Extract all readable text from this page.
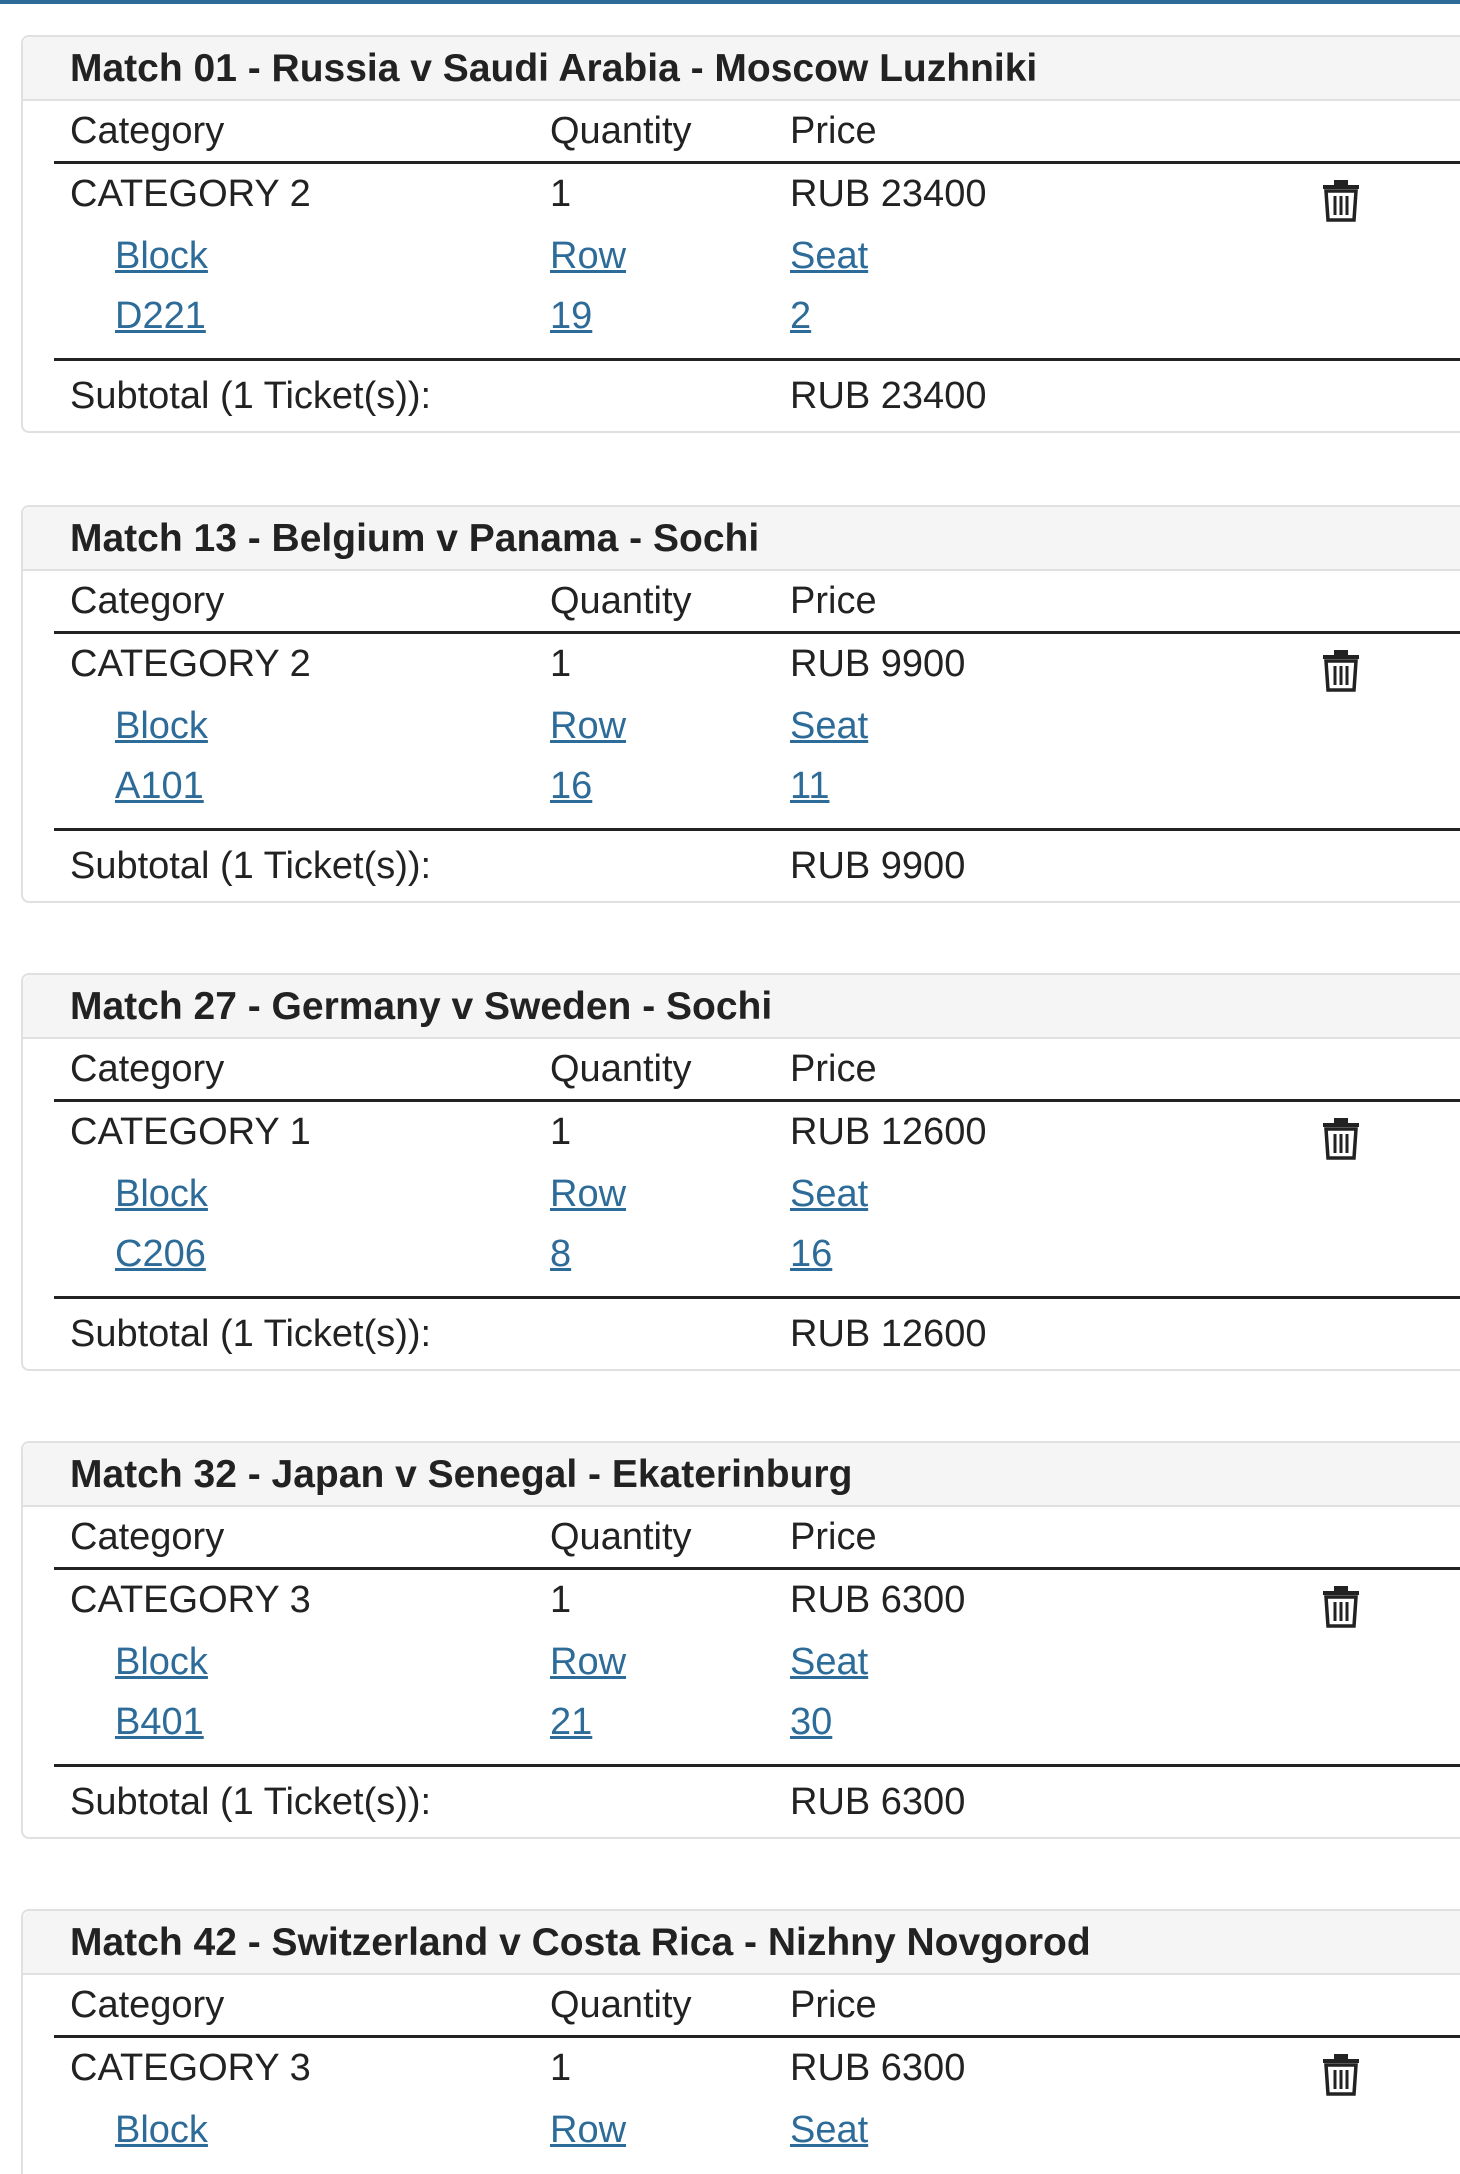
Match 01 - Russia v Saudi Arabia - Moscow Luzhniki
Category	Quantity	Price
CATEGORY 2	1	RUB 23400
Block	Row	Seat
D221	19	2
Subtotal (1 Ticket(s)):	RUB 23400
Match 13 - Belgium v Panama - Sochi
Category	Quantity	Price
CATEGORY 2	1	RUB 9900
Block	Row	Seat
A101	16	11
Subtotal (1 Ticket(s)):	RUB 9900
Match 27 - Germany v Sweden - Sochi
Category	Quantity	Price
CATEGORY 1	1	RUB 12600
Block	Row	Seat
C206	8	16
Subtotal (1 Ticket(s)):	RUB 12600
Match 32 - Japan v Senegal - Ekaterinburg
Category	Quantity	Price
CATEGORY 3	1	RUB 6300
Block	Row	Seat
B401	21	30
Subtotal (1 Ticket(s)):	RUB 6300
Match 42 - Switzerland v Costa Rica - Nizhny Novgorod
Category	Quantity	Price
CATEGORY 3	1	RUB 6300
Block	Row	Seat
